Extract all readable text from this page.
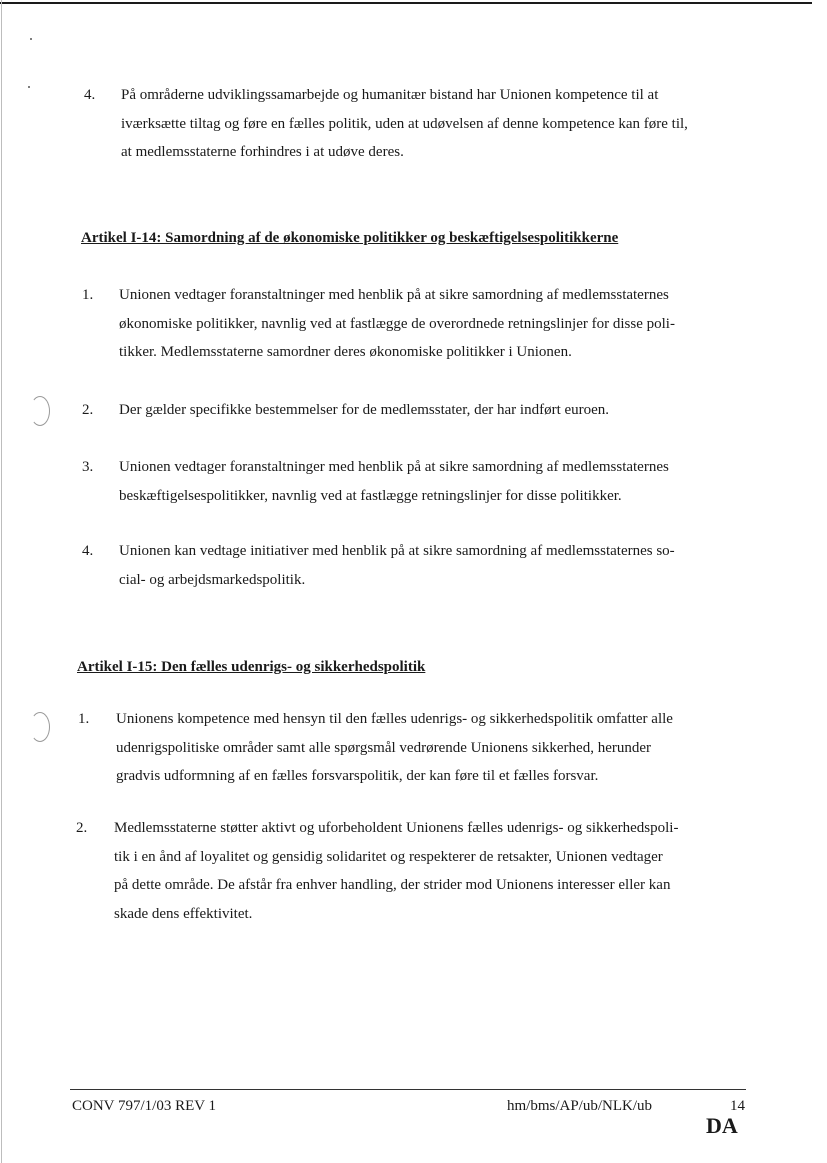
4. På områderne udviklingssamarbejde og humanitær bistand har Unionen kompetence til at

iværksætte tiltag og føre en fælles politik, uden at udøvelsen af denne kompetence kan føre til,

at medlemsstaterne forhindres i at udøve deres.

Artikel I-14: Samordning af de økonomiske politikker og beskæftigelsespolitikkerne
1. Unionen vedtager foranstaltninger med henblik på at sikre samordning af medlemsstaternes

økonomiske politikker, navnlig ved at fastlægge de overordnede retningslinjer for disse poli-

tikker. Medlemsstaterne samordner deres økonomiske politikker i Unionen.

2. Der gælder specifikke bestemmelser for de medlemsstater, der har indført euroen.

3. Unionen vedtager foranstaltninger med henblik på at sikre samordning af medlemsstaternes

beskæftigelsespolitikker, navnlig ved at fastlægge retningslinjer for disse politikker.

4. Unionen kan vedtage initiativer med henblik på at sikre samordning af medlemsstaternes so-

cial- og arbejdsmarkedspolitik.

Artikel I-15: Den fælles udenrigs- og sikkerhedspolitik
1. Unionens kompetence med hensyn til den fælles udenrigs- og sikkerhedspolitik omfatter alle

udenrigspolitiske områder samt alle spørgsmål vedrørende Unionens sikkerhed, herunder

gradvis udformning af en fælles forsvarspolitik, der kan føre til et fælles forsvar.

2. Medlemsstaterne støtter aktivt og uforbeholdent Unionens fælles udenrigs- og sikkerhedspoli-

tik i en ånd af loyalitet og gensidig solidaritet og respekterer de retsakter, Unionen vedtager

på dette område. De afstår fra enhver handling, der strider mod Unionens interesser eller kan

skade dens effektivitet.

CONV 797/1/03 REV 1	hm/bms/AP/ub/NLK/ub	14
DA
